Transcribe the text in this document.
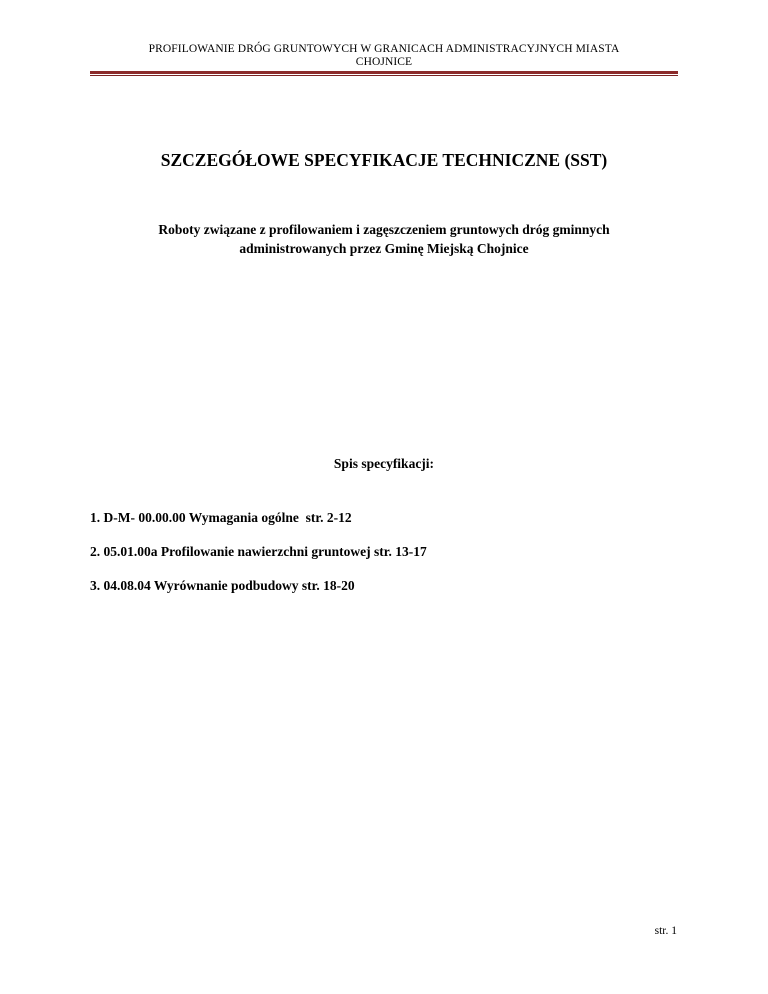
PROFILOWANIE DRÓG GRUNTOWYCH W GRANICACH ADMINISTRACYJNYCH MIASTA
CHOJNICE
SZCZEGÓŁOWE SPECYFIKACJE TECHNICZNE (SST)
Roboty związane z profilowaniem i zagęszczeniem gruntowych dróg gminnych
administrowanych przez Gminę Miejską Chojnice
Spis specyfikacji:
1. D-M- 00.00.00 Wymagania ogólne  str. 2-12
2. 05.01.00a Profilowanie nawierzchni gruntowej str. 13-17
3. 04.08.04 Wyrównanie podbudowy str. 18-20
str. 1
